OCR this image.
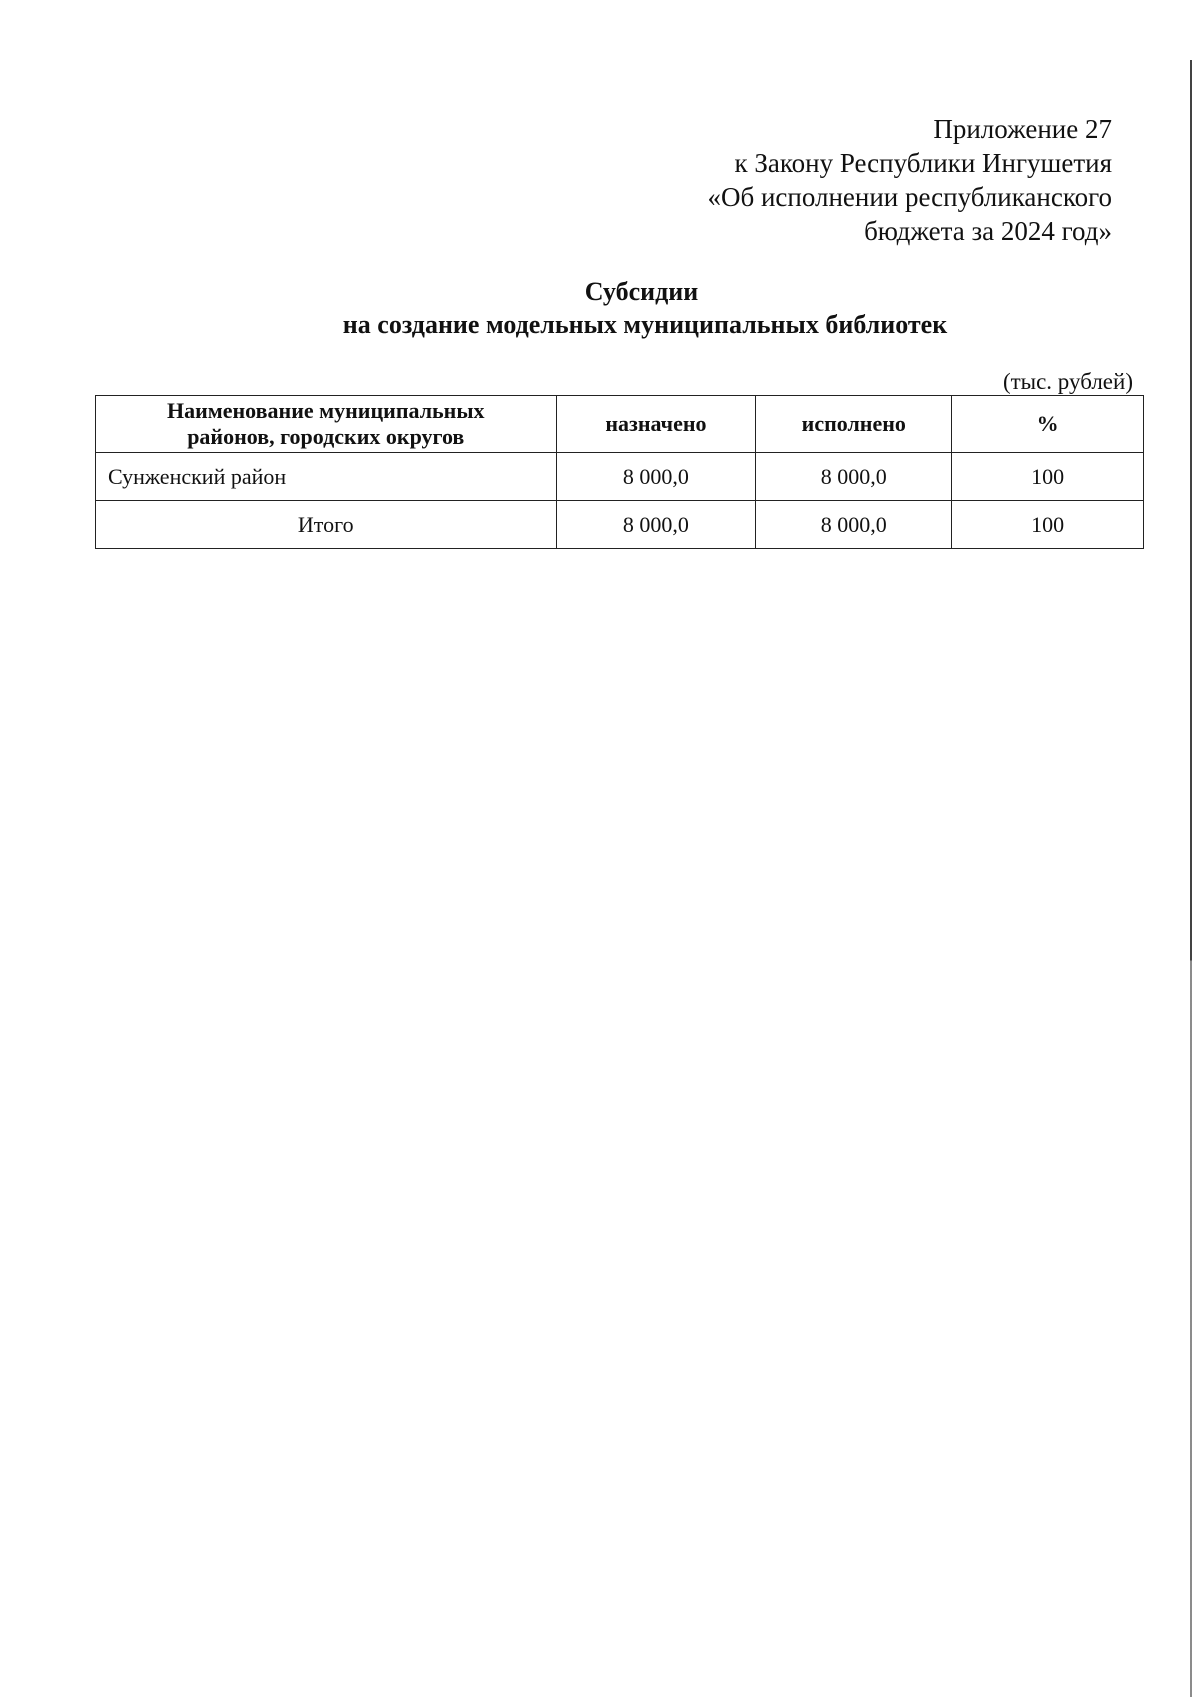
Приложение 27
к Закону Республики Ингушетия
«Об исполнении республиканского
бюджета за 2024 год»
Субсидии
на создание модельных муниципальных библиотек
(тыс. рублей)
Наименование муниципальных
районов, городских округов	назначено	исполнено	%
Сунженский район	8 000,0	8 000,0	100
Итого	8 000,0	8 000,0	100
